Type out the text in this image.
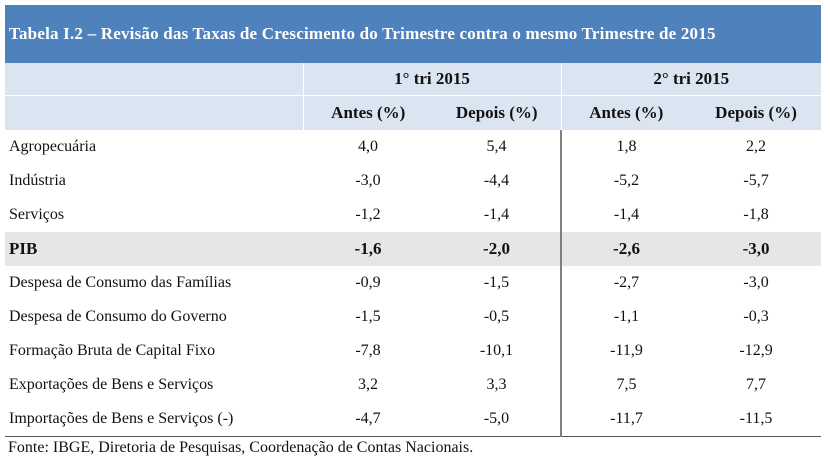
Tabela I.2 – Revisão das Taxas de Crescimento do Trimestre contra o mesmo Trimestre de 2015
	1° tri 2015		2° tri 2015	
	Antes (%)	Depois (%)	Antes (%)	Depois (%)
Agropecuária	4,0	5,4	1,8	2,2
Indústria	-3,0	-4,4	-5,2	-5,7
Serviços	-1,2	-1,4	-1,4	-1,8
PIB	-1,6	-2,0	-2,6	-3,0
Despesa de Consumo das Famílias	-0,9	-1,5	-2,7	-3,0
Despesa de Consumo do Governo	-1,5	-0,5	-1,1	-0,3
Formação Bruta de Capital Fixo	-7,8	-10,1	-11,9	-12,9
Exportações de Bens e Serviços	3,2	3,3	7,5	7,7
Importações de Bens e Serviços (-)	-4,7	-5,0	-11,7	-11,5
Fonte: IBGE, Diretoria de Pesquisas, Coordenação de Contas Nacionais.
